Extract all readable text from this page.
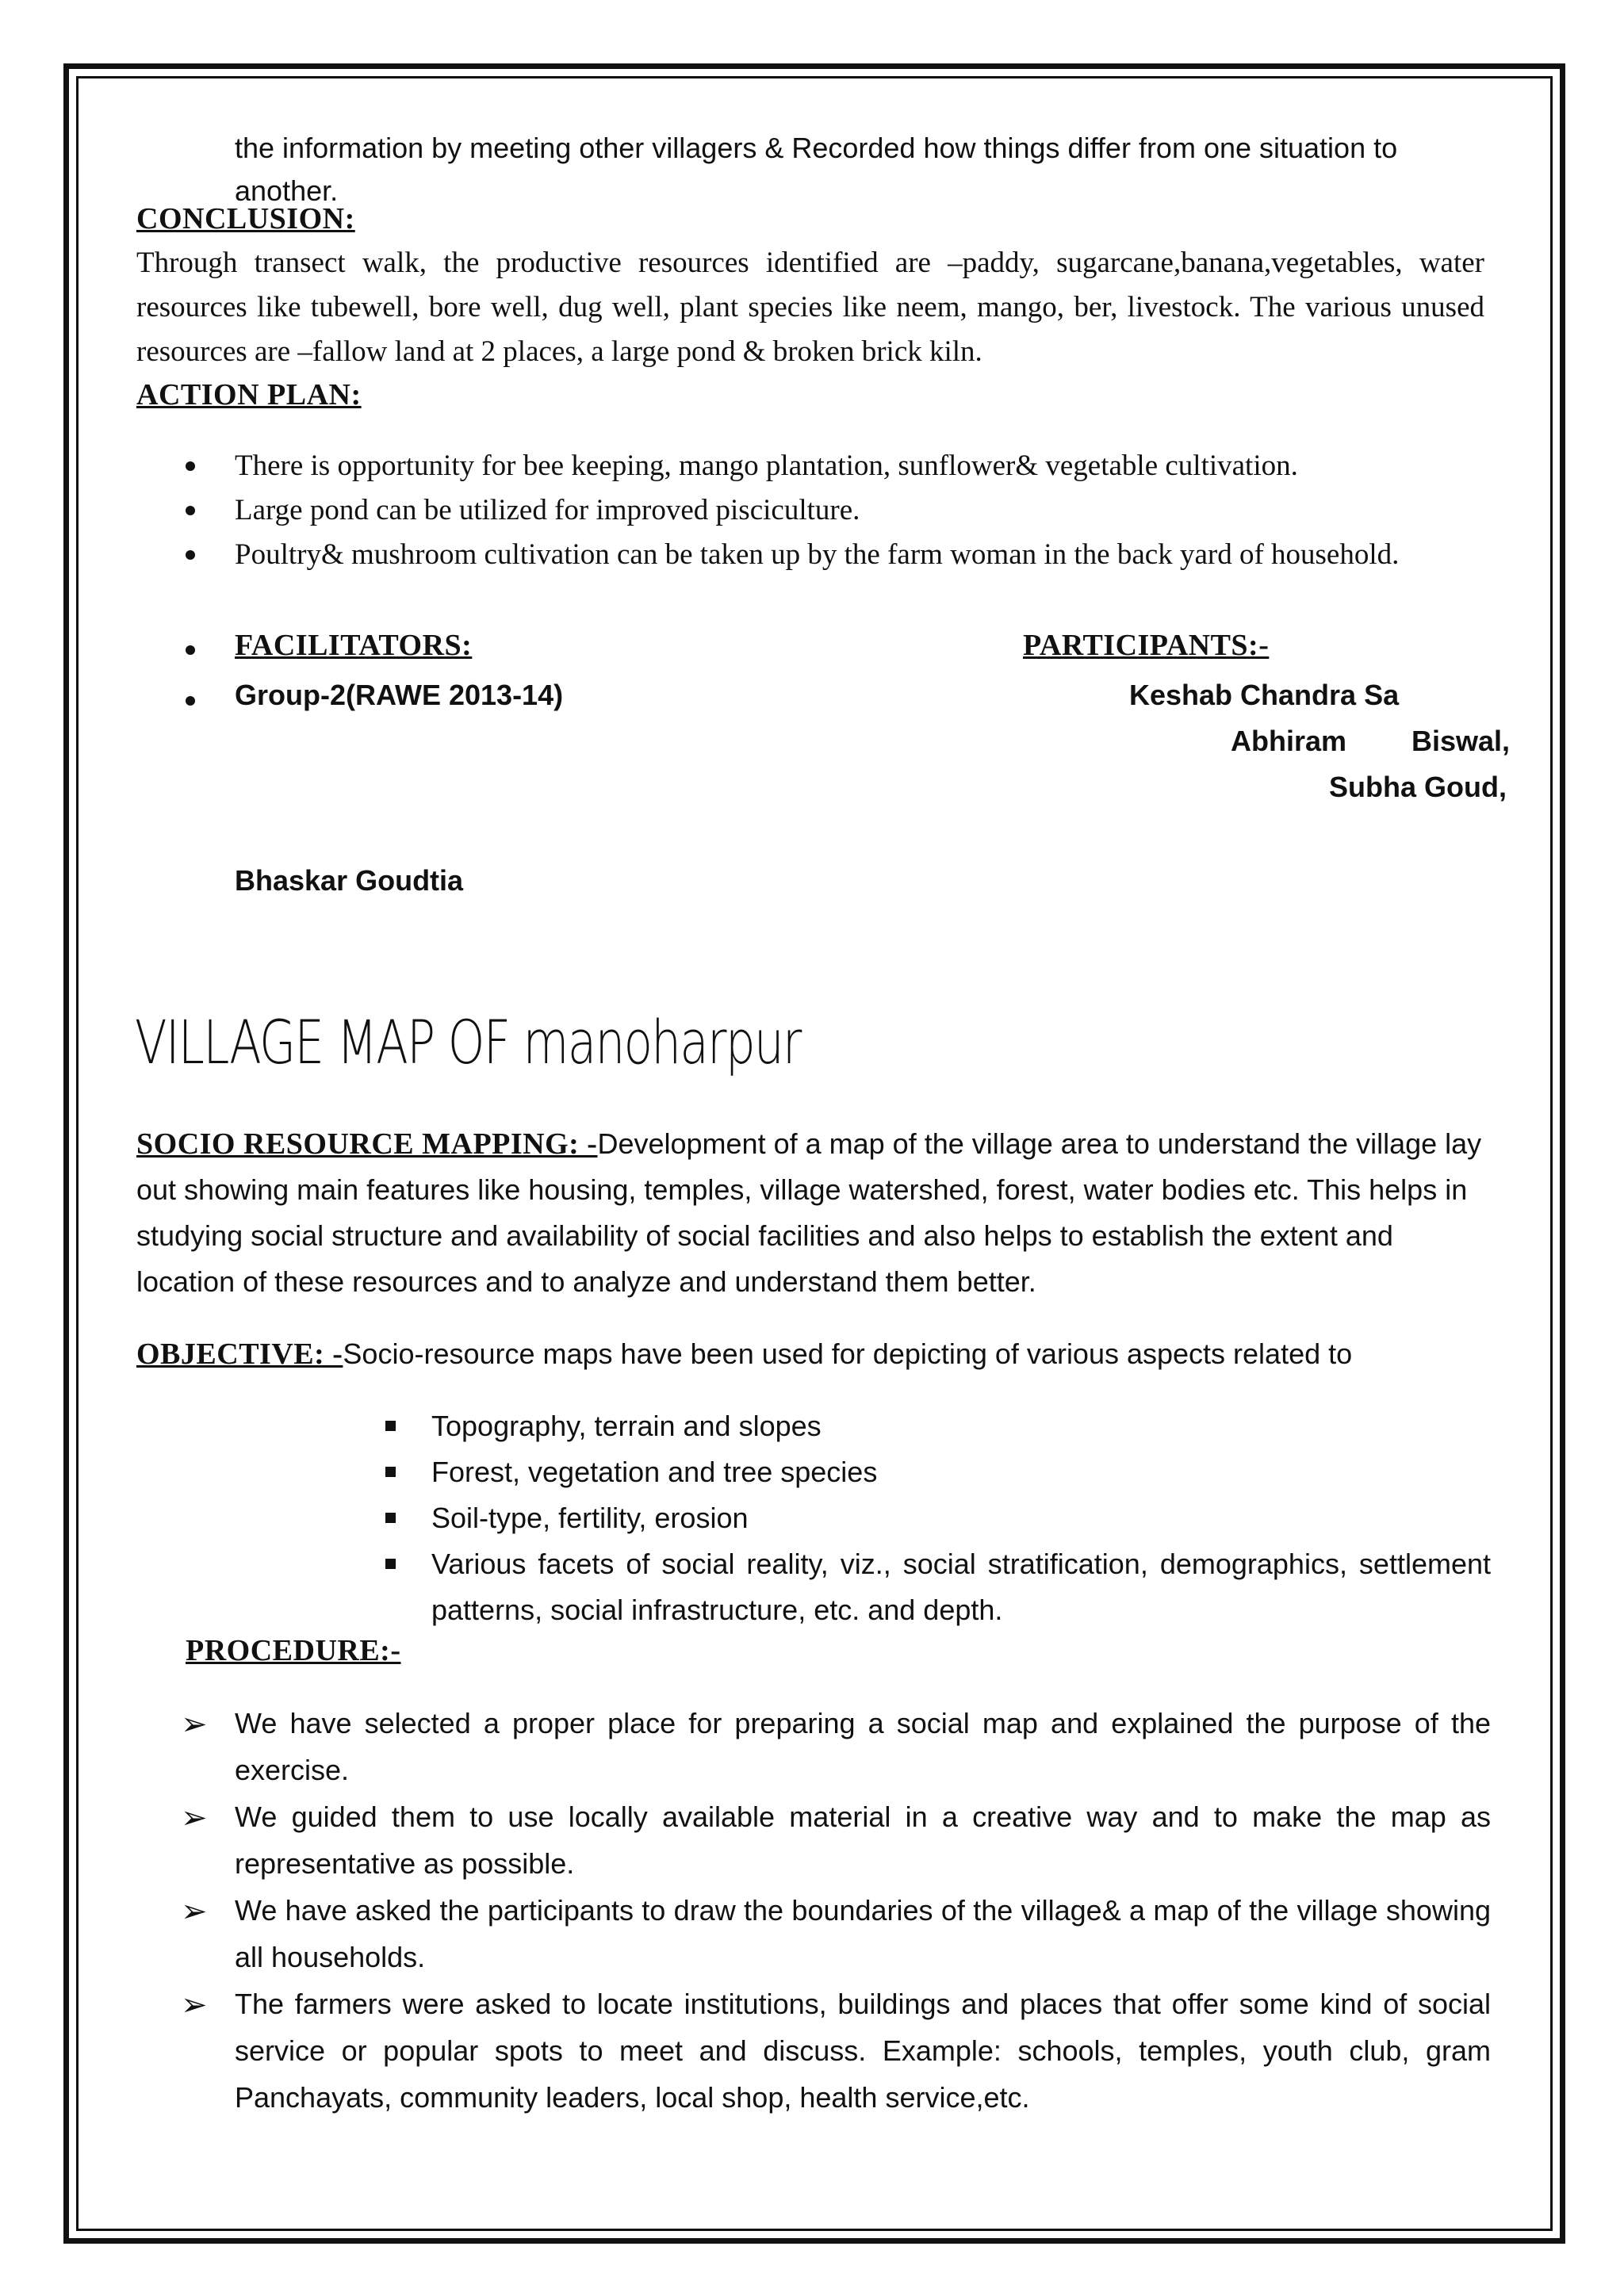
the information by meeting other villagers & Recorded how things differ from one situation to another.

CONCLUSION:

Through transect walk, the productive resources identified are –paddy, sugarcane,banana,vegetables, water resources like tubewell, bore well, dug well, plant species like neem, mango, ber, livestock. The various unused resources are –fallow land at 2 places, a large pond & broken brick kiln.

ACTION PLAN:
There is opportunity for bee keeping, mango plantation, sunflower& vegetable cultivation.
Large pond can be utilized for improved pisciculture.
Poultry& mushroom cultivation can be taken up by the farm woman in the back yard of household.
FACILITATORS:	PARTICIPANTS:-
Group-2(RAWE 2013-14)	Keshab Chandra Sa
Abhiram Biswal,
Subha Goud,
Bhaskar Goudtia
VILLAGE MAP OF manoharpur
SOCIO RESOURCE MAPPING: -Development of a map of the village area to understand the village lay out showing main features like housing, temples, village watershed, forest, water bodies etc. This helps in studying social structure and availability of social facilities and also helps to establish the extent and location of these resources and to analyze and understand them better.
OBJECTIVE: -Socio-resource maps have been used for depicting of various aspects related to
Topography, terrain and slopes
Forest, vegetation and tree species
Soil-type, fertility, erosion
Various facets of social reality, viz., social stratification, demographics, settlement patterns, social infrastructure, etc. and depth.
PROCEDURE:-
➢ We have selected a proper place for preparing a social map and explained the purpose of the exercise.
➢ We guided them to use locally available material in a creative way and to make the map as representative as possible.
➢ We have asked the participants to draw the boundaries of the village& a map of the village showing all households.
➢ The farmers were asked to locate institutions, buildings and places that offer some kind of social service or popular spots to meet and discuss. Example: schools, temples, youth club, gram Panchayats, community leaders, local shop, health service,etc.
